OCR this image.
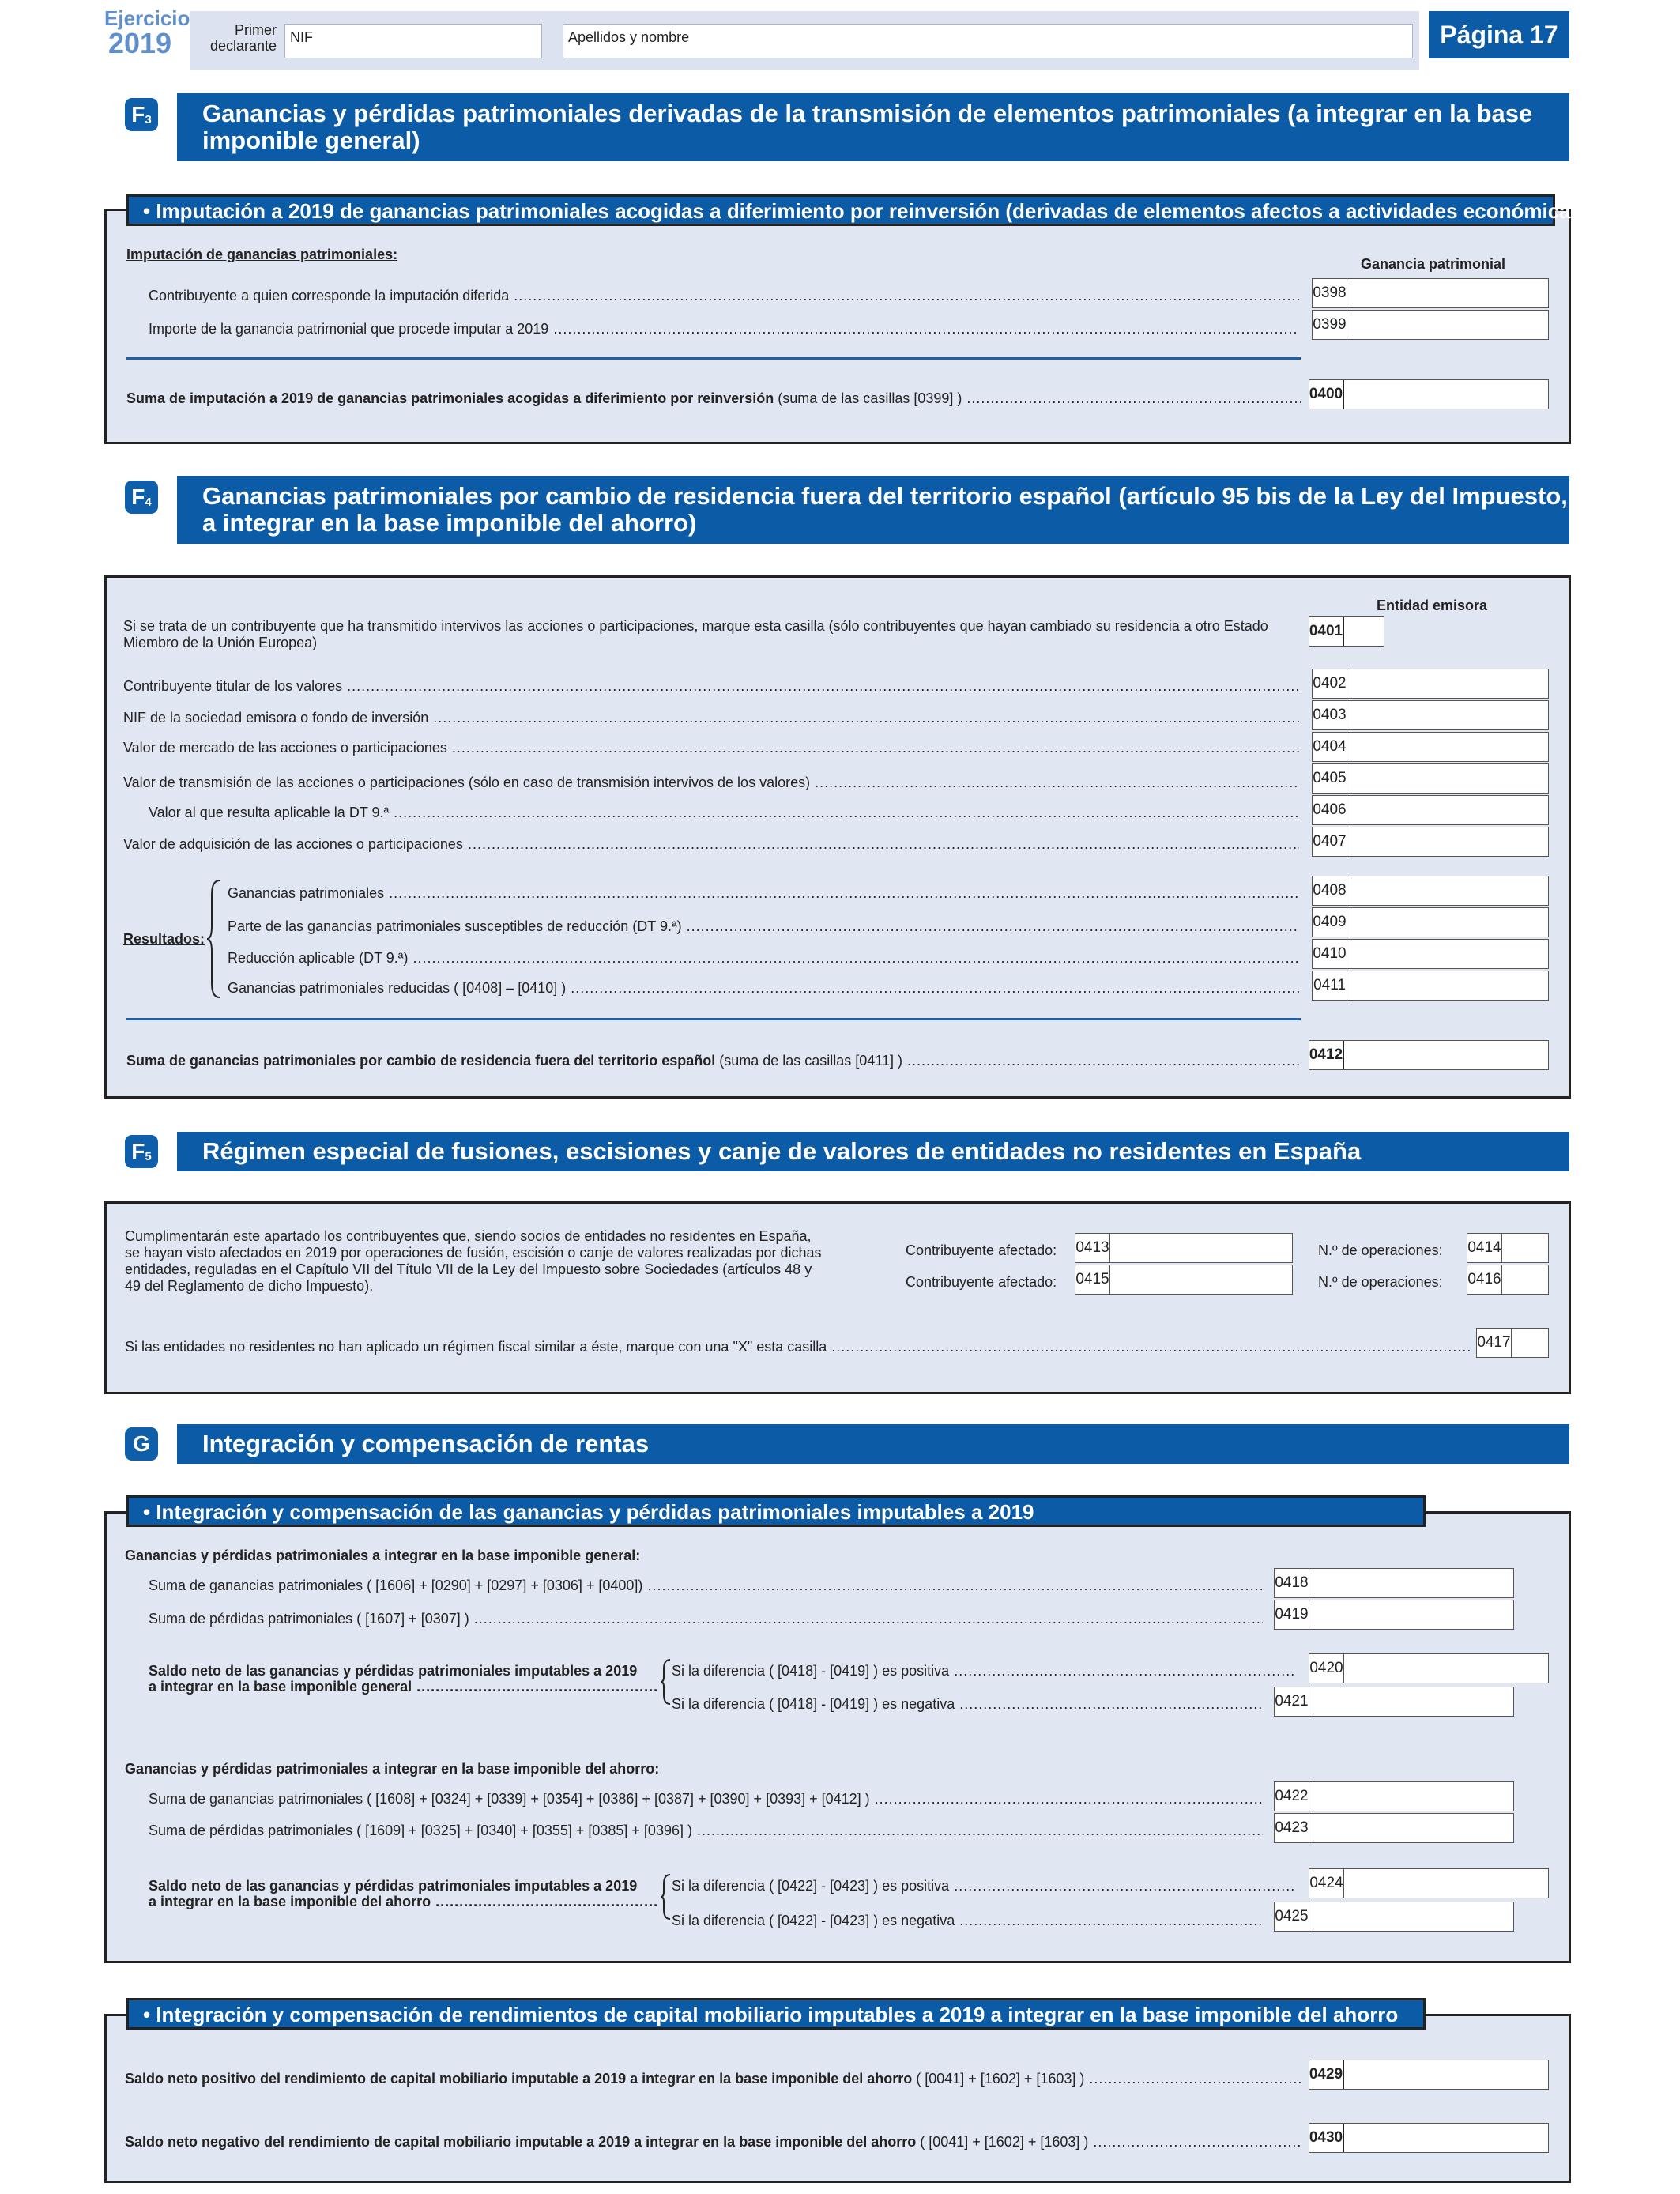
Ejercicio
2019	Primer declarante
NIF	Apellidos y nombre	Página 17
$F_3$	Ganancias y pérdidas patrimoniales derivadas de la transmisión de elementos patrimoniales (a integrar en la base imponible general)
• Imputación a 2019 de ganancias patrimoniales acogidas a diferimiento por reinversión (derivadas de elementos afectos a actividades económicas)
Imputación de ganancias patrimoniales:
Ganancia patrimonial
Contribuyente a quien corresponde la imputación diferida .....	0398
Importe de la ganancia patrimonial que procede imputar a 2019 .....	0399
Suma de imputación a 2019 de ganancias patrimoniales acogidas a diferimiento por reinversión (suma de las casillas [0399] ) .....	0400
$F_4$	Ganancias patrimoniales por cambio de residencia fuera del territorio español (artículo 95 bis de la Ley del Impuesto, a integrar en la base imponible del ahorro)
Entidad emisora
Si se trata de un contribuyente que ha transmitido intervivos las acciones o participaciones, marque esta casilla (sólo contribuyentes que hayan cambiado su residencia a otro Estado Miembro de la Unión Europea)
0401
Contribuyente titular de los valores .....	0402
NIF de la sociedad emisora o fondo de inversión .....	0403
Valor de mercado de las acciones o participaciones .....	0404
Valor de transmisión de las acciones o participaciones (sólo en caso de transmisión intervivos de los valores) .....	0405
Valor al que resulta aplicable la DT 9.ª .....	0406
Valor de adquisición de las acciones o participaciones .....	0407
Resultados:
Ganancias patrimoniales .....	0408
Parte de las ganancias patrimoniales susceptibles de reducción (DT 9.ª) .....	0409
Reducción aplicable (DT 9.ª) .....	0410
Ganancias patrimoniales reducidas ( [0408] – [0410] ) .....	0411
Suma de ganancias patrimoniales por cambio de residencia fuera del territorio español (suma de las casillas [0411] ) .....	0412
$F_5$	Régimen especial de fusiones, escisiones y canje de valores de entidades no residentes en España
Cumplimentarán este apartado los contribuyentes que, siendo socios de entidades no residentes en España,
se hayan visto afectados en 2019 por operaciones de fusión, escisión o canje de valores realizadas por dichas
entidades, reguladas en el Capítulo VII del Título VII de la Ley del Impuesto sobre Sociedades (artículos 48 y
49 del Reglamento de dicho Impuesto).
Contribuyente afectado: 0413	N.º de operaciones: 0414
Contribuyente afectado: 0415	N.º de operaciones: 0416
Si las entidades no residentes no han aplicado un régimen fiscal similar a éste, marque con una "X" esta casilla .....	0417
G	Integración y compensación de rentas
• Integración y compensación de las ganancias y pérdidas patrimoniales imputables a 2019
Ganancias y pérdidas patrimoniales a integrar en la base imponible general:
Suma de ganancias patrimoniales ( [1606] + [0290] + [0297] + [0306] + [0400]) .....	0418
Suma de pérdidas patrimoniales ( [1607] + [0307] ) .....	0419
Saldo neto de las ganancias y pérdidas patrimoniales imputables a 2019
a integrar en la base imponible general .....
Si la diferencia ( [0418] - [0419] ) es positiva .....	0420
Si la diferencia ( [0418] - [0419] ) es negativa .....	0421
Ganancias y pérdidas patrimoniales a integrar en la base imponible del ahorro:
Suma de ganancias patrimoniales ( [1608] + [0324] + [0339] + [0354] + [0386] + [0387] + [0390] + [0393] + [0412] ) .....	0422
Suma de pérdidas patrimoniales ( [1609] + [0325] + [0340] + [0355] + [0385] + [0396] ) .....	0423
Saldo neto de las ganancias y pérdidas patrimoniales imputables a 2019
a integrar en la base imponible del ahorro .....
Si la diferencia ( [0422] - [0423] ) es positiva .....	0424
Si la diferencia ( [0422] - [0423] ) es negativa .....	0425
• Integración y compensación de rendimientos de capital mobiliario imputables a 2019 a integrar en la base imponible del ahorro
Saldo neto positivo del rendimiento de capital mobiliario imputable a 2019 a integrar en la base imponible del ahorro ( [0041] + [1602] + [1603] ) .....	0429
Saldo neto negativo del rendimiento de capital mobiliario imputable a 2019 a integrar en la base imponible del ahorro ( [0041] + [1602] + [1603] ) .....	0430
